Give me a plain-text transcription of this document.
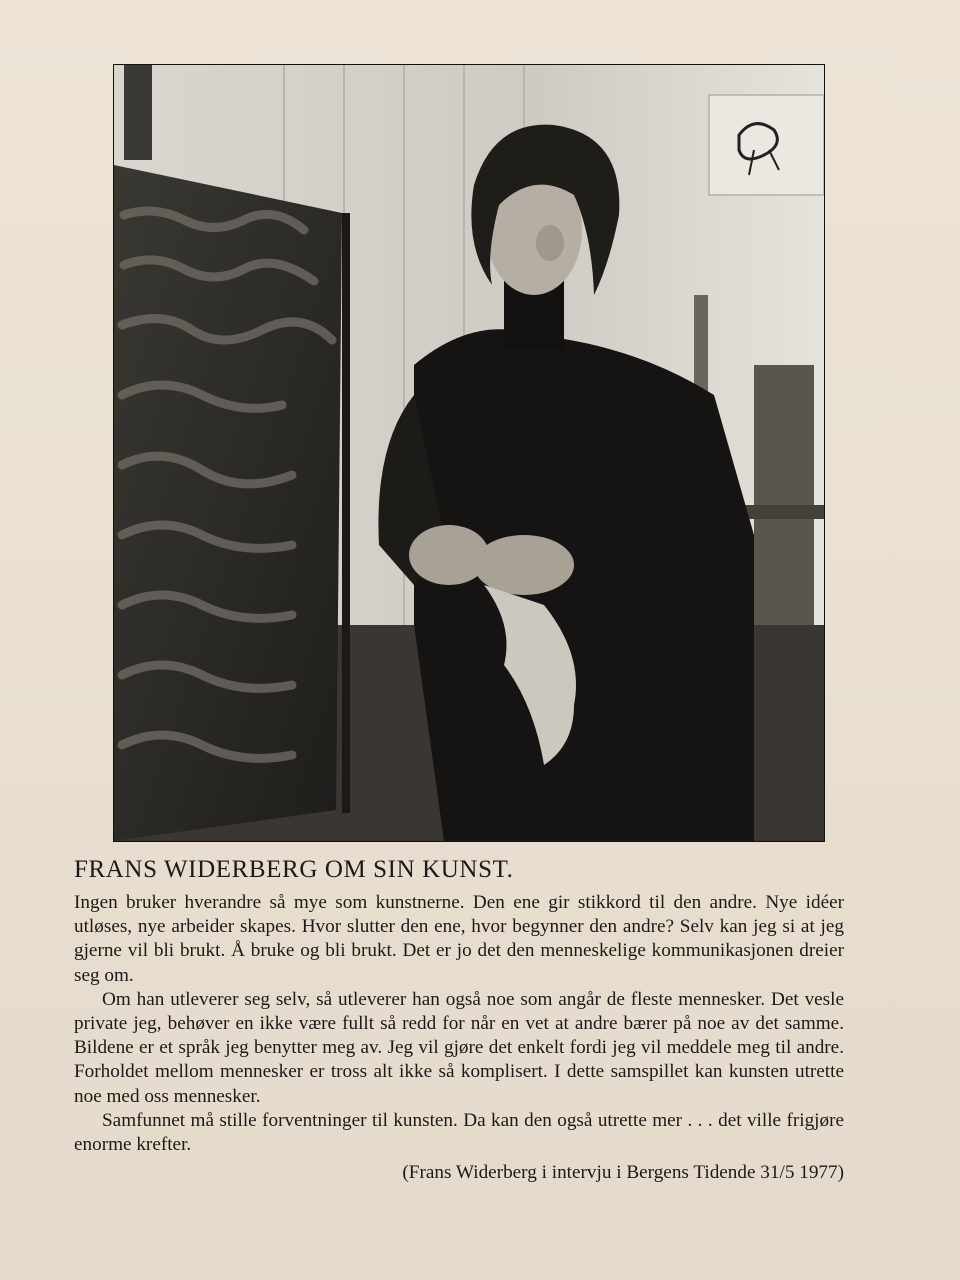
FRANS WIDERBERG OM SIN KUNST.

Ingen bruker hverandre så mye som kunstnerne. Den ene gir stikkord til den andre. Nye idéer utløses, nye arbeider skapes. Hvor slutter den ene, hvor begynner den andre? Selv kan jeg si at jeg gjerne vil bli brukt. Å bruke og bli brukt. Det er jo det den menneskelige kommunikasjonen dreier seg om.

Om han utleverer seg selv, så utleverer han også noe som angår de fleste mennesker. Det vesle private jeg, behøver en ikke være fullt så redd for når en vet at andre bærer på noe av det samme. Bildene er et språk jeg benytter meg av. Jeg vil gjøre det enkelt fordi jeg vil meddele meg til andre. Forholdet mellom mennesker er tross alt ikke så komplisert. I dette samspillet kan kunsten utrette noe med oss mennesker.

Samfunnet må stille forventninger til kunsten. Da kan den også utrette mer . . . det ville frigjøre enorme krefter.

(Frans Widerberg i intervju i Bergens Tidende 31/5 1977)
